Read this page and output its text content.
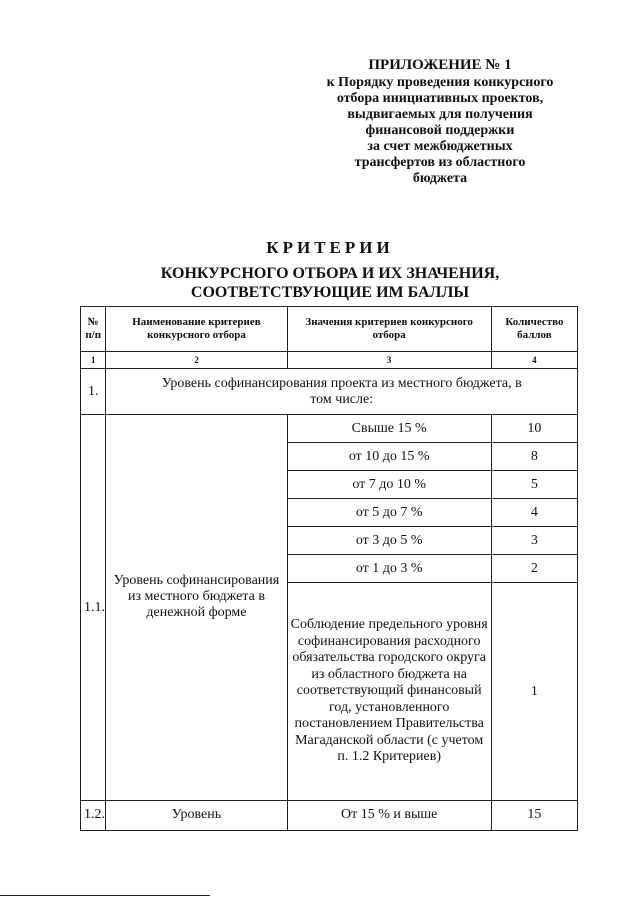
ПРИЛОЖЕНИЕ № 1
к Порядку проведения конкурсного
отбора инициативных проектов,
выдвигаемых для получения
финансовой поддержки
за счет межбюджетных
трансфертов из областного
бюджета
КРИТЕРИИ
КОНКУРСНОГО ОТБОРА И ИХ ЗНАЧЕНИЯ,
СООТВЕТСТВУЮЩИЕ ИМ БАЛЛЫ
№ п/п	Наименование критериев конкурсного отбора	Значения критериев конкурсного отбора	Количество баллов
1	2	3	4
1.	Уровень софинансирования проекта из местного бюджета, в том числе:		
1.1.	Уровень софинансирования из местного бюджета в денежной форме	Свыше 15 %	10
		от 10 до 15 %	8
		от 7 до 10 %	5
		от 5 до 7 %	4
		от 3 до 5 %	3
		от 1 до 3 %	2
		Соблюдение предельного уровня софинансирования расходного обязательства городского округа из областного бюджета на соответствующий финансовый год, установленного постановлением Правительства Магаданской области (с учетом п. 1.2 Критериев)	1
1.2.	Уровень	От 15 % и выше	15
